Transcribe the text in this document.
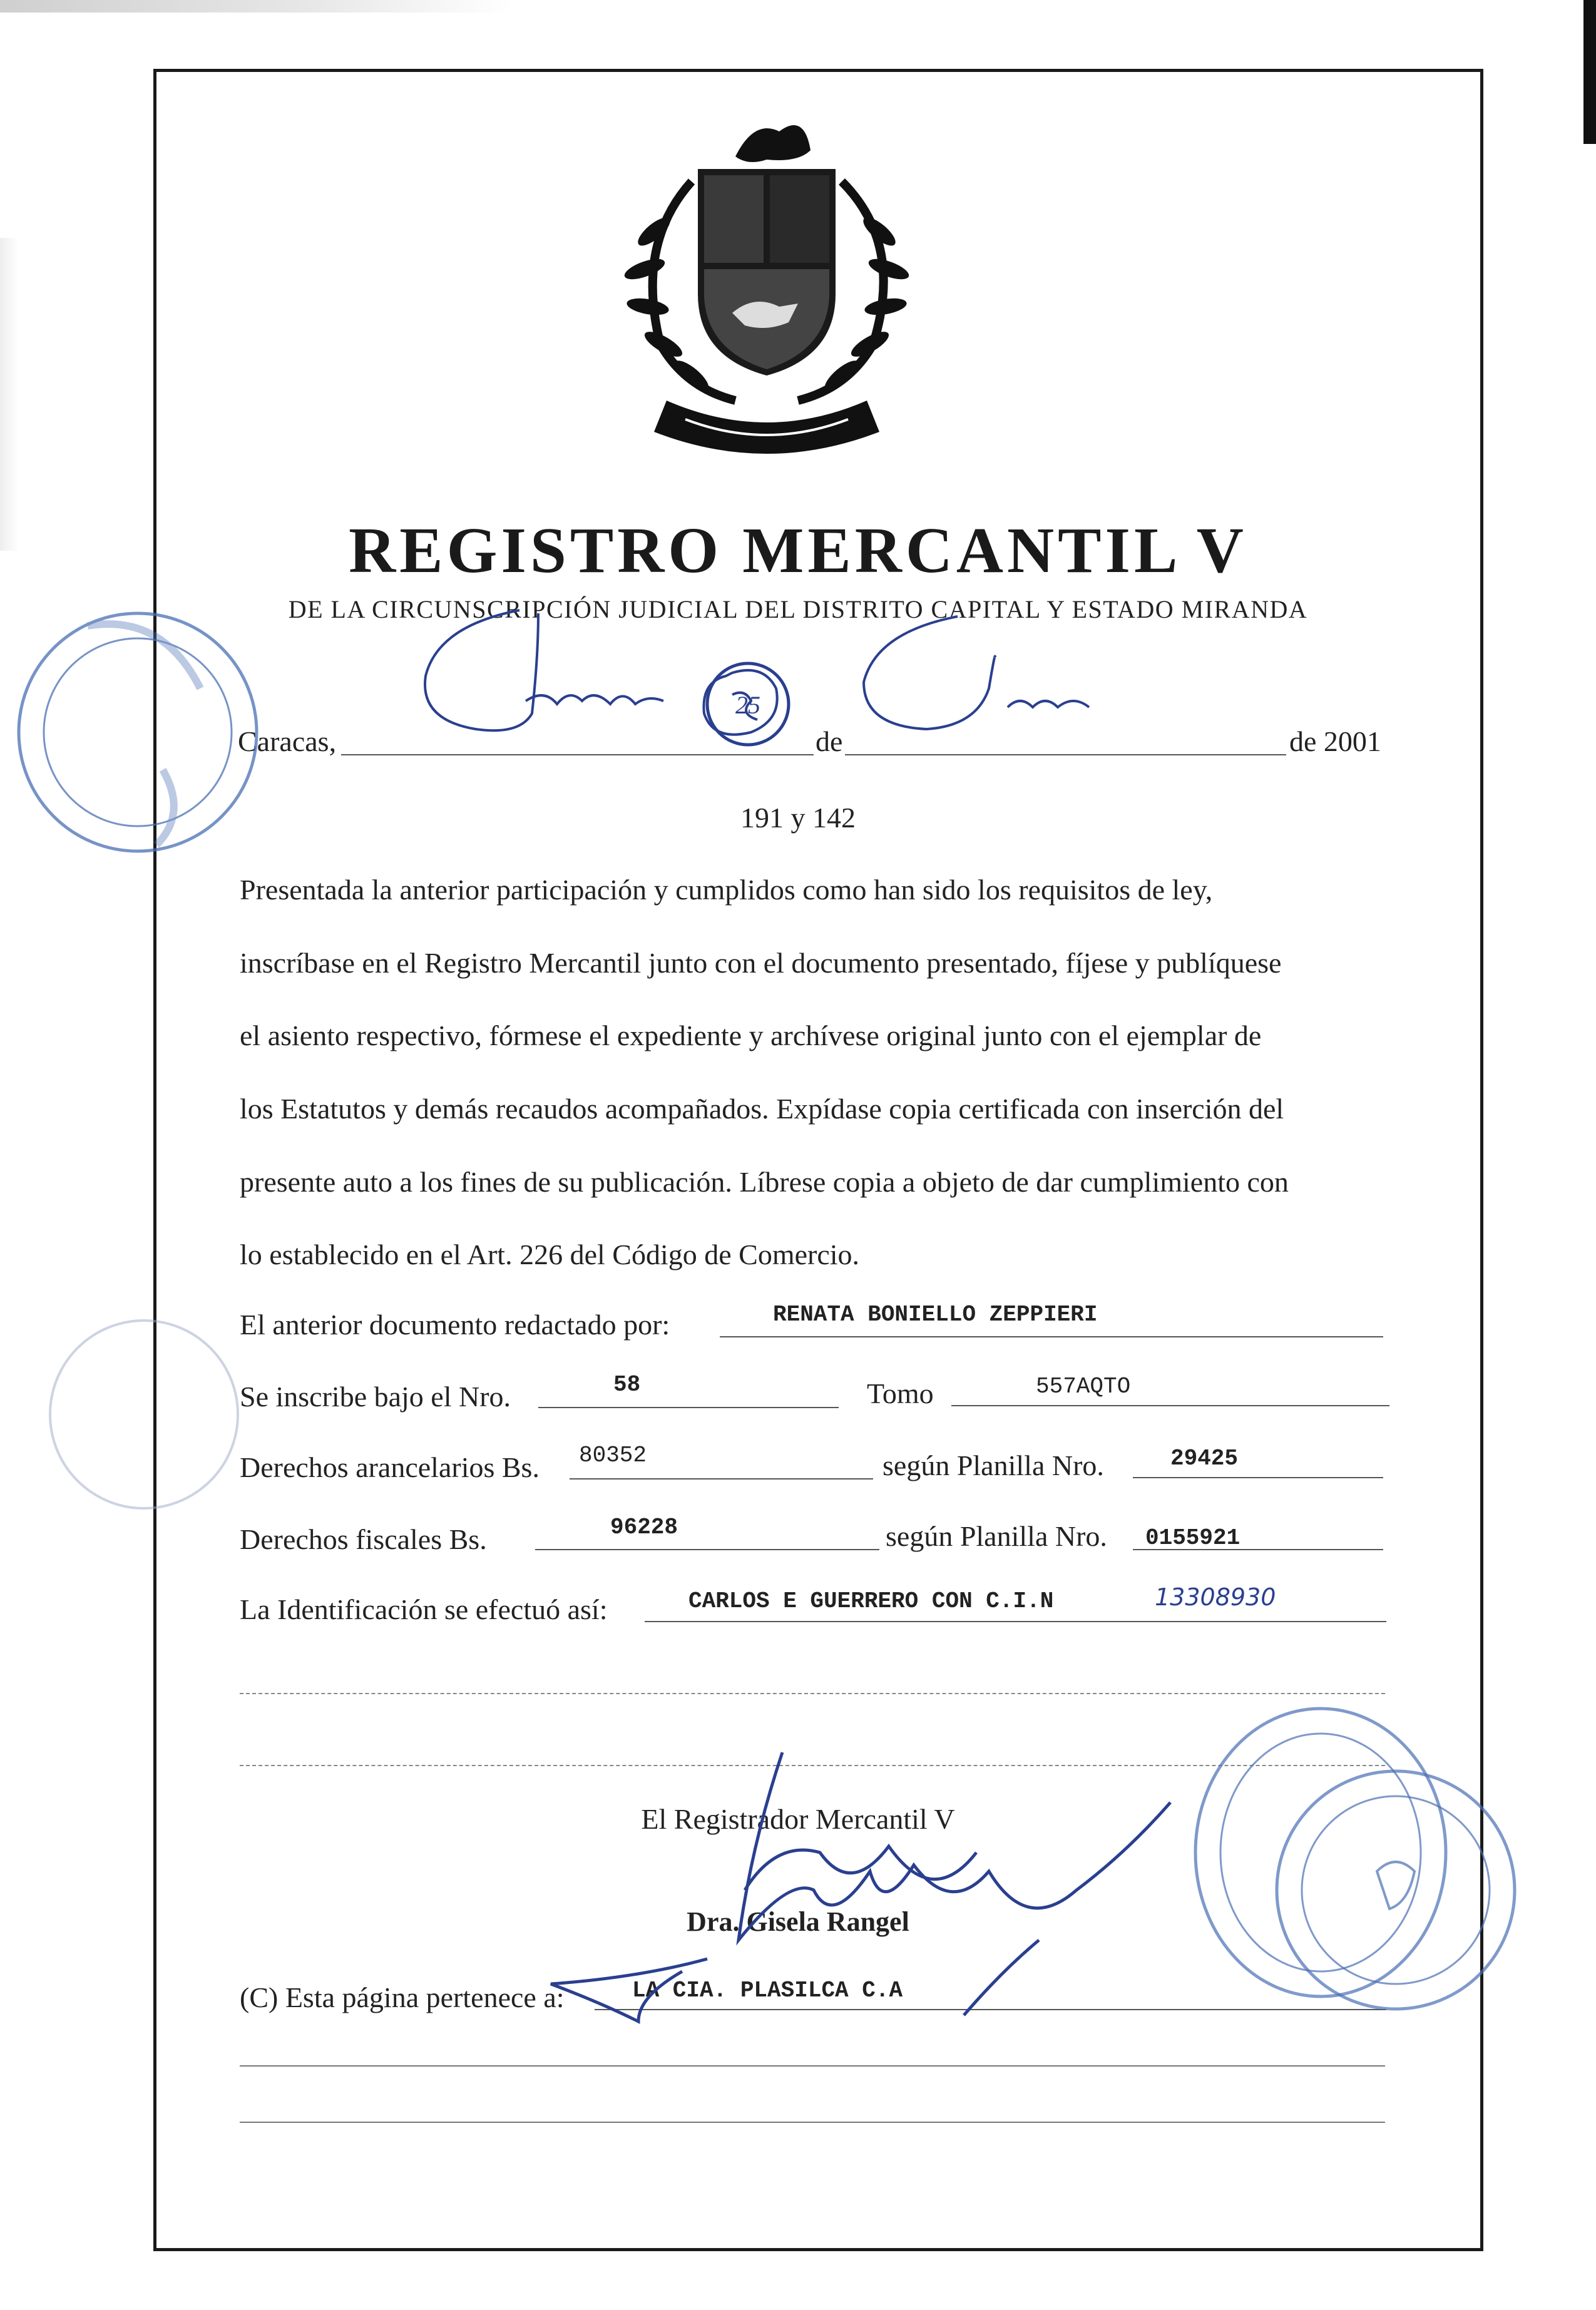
REGISTRO MERCANTIL V
DE LA CIRCUNSCRIPCIÓN JUDICIAL DEL DISTRITO CAPITAL Y ESTADO MIRANDA
Caracas,	de	de 2001
191 y 142
Presentada la anterior participación y cumplidos como han sido los requisitos de ley,
inscríbase en el Registro Mercantil junto con el documento presentado, fíjese y publíquese
el asiento respectivo, fórmese el expediente y archívese original junto con el ejemplar de
los Estatutos y demás recaudos acompañados. Expídase copia certificada con inserción del
presente auto a los fines de su publicación. Líbrese copia a objeto de dar cumplimiento con
lo establecido en el Art. 226 del Código de Comercio.
El anterior documento redactado por:	RENATA BONIELLO ZEPPIERI
Se inscribe bajo el Nro.	58	Tomo	557AQTO
Derechos arancelarios Bs. 80352	según Planilla Nro.	29425
Derechos fiscales Bs.	96228	según Planilla Nro. 0155921
La Identificación se efectuó así:	CARLOS E GUERRERO CON C.I.N	13308930
El Registrador Mercantil V
Dra. Gisela Rangel
(C) Esta página pertenece a:	LA CIA. PLASILCA C.A
25
